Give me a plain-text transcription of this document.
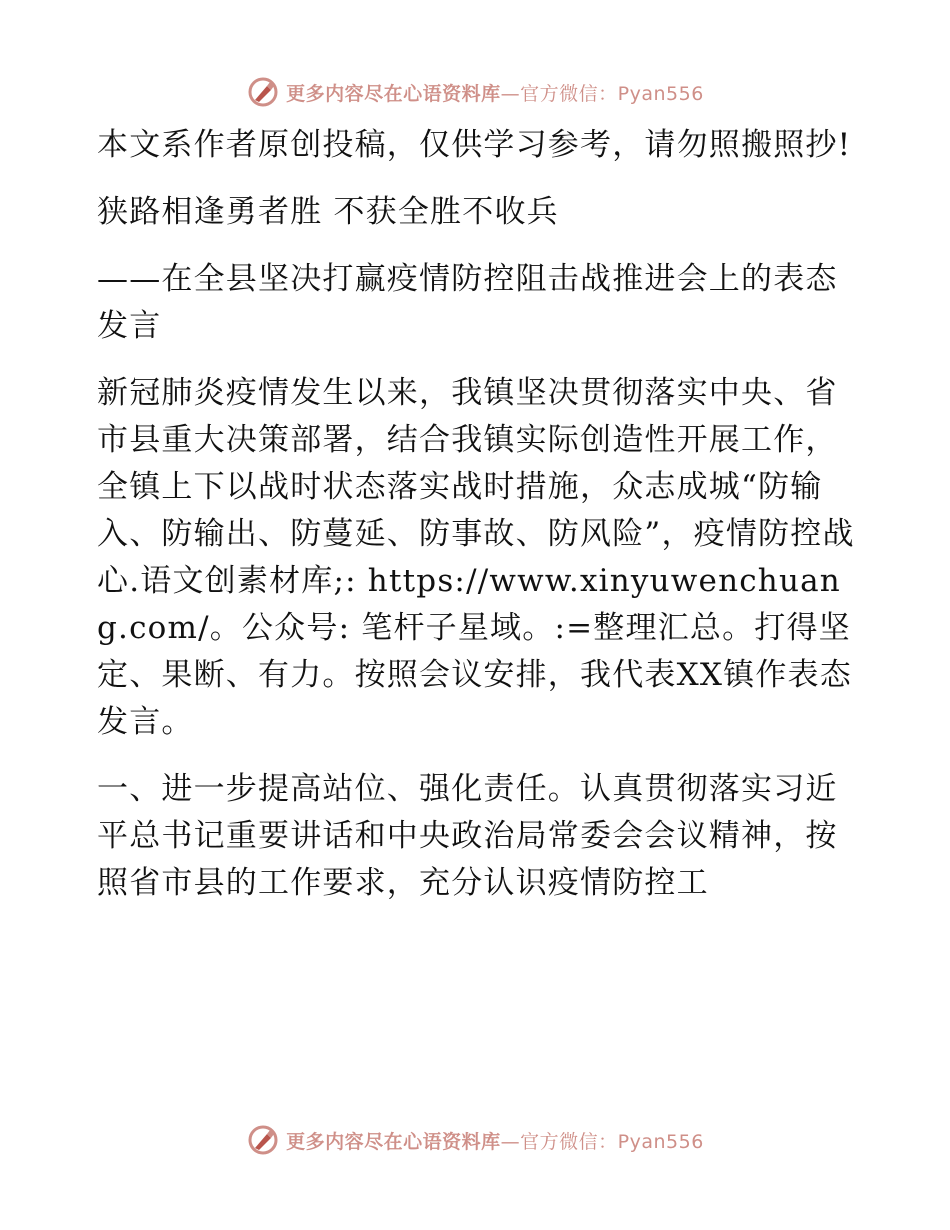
更多内容尽在心语资料库—官方微信：Pyan556

本文系作者原创投稿，仅供学习参考，请勿照搬照抄!

狭路相逢勇者胜 不获全胜不收兵

——在全县坚决打赢疫情防控阻击战推进会上的表态发言

新冠肺炎疫情发生以来，我镇坚决贯彻落实中央、省市县重大决策部署，结合我镇实际创造性开展工作，全镇上下以战时状态落实战时措施，众志成城“防输入、防输出、防蔓延、防事故、防风险”，疫情防控战心.语文创素材库;: https://www.xinyuwenchuang.com/。公众号: 笔杆子星域。:=整理汇总。打得坚定、果断、有力。按照会议安排，我代表XX镇作表态发言。

一、进一步提高站位、强化责任。认真贯彻落实习近平总书记重要讲话和中央政治局常委会会议精神，按照省市县的工作要求，充分认识疫情防控工

更多内容尽在心语资料库—官方微信：Pyan556
